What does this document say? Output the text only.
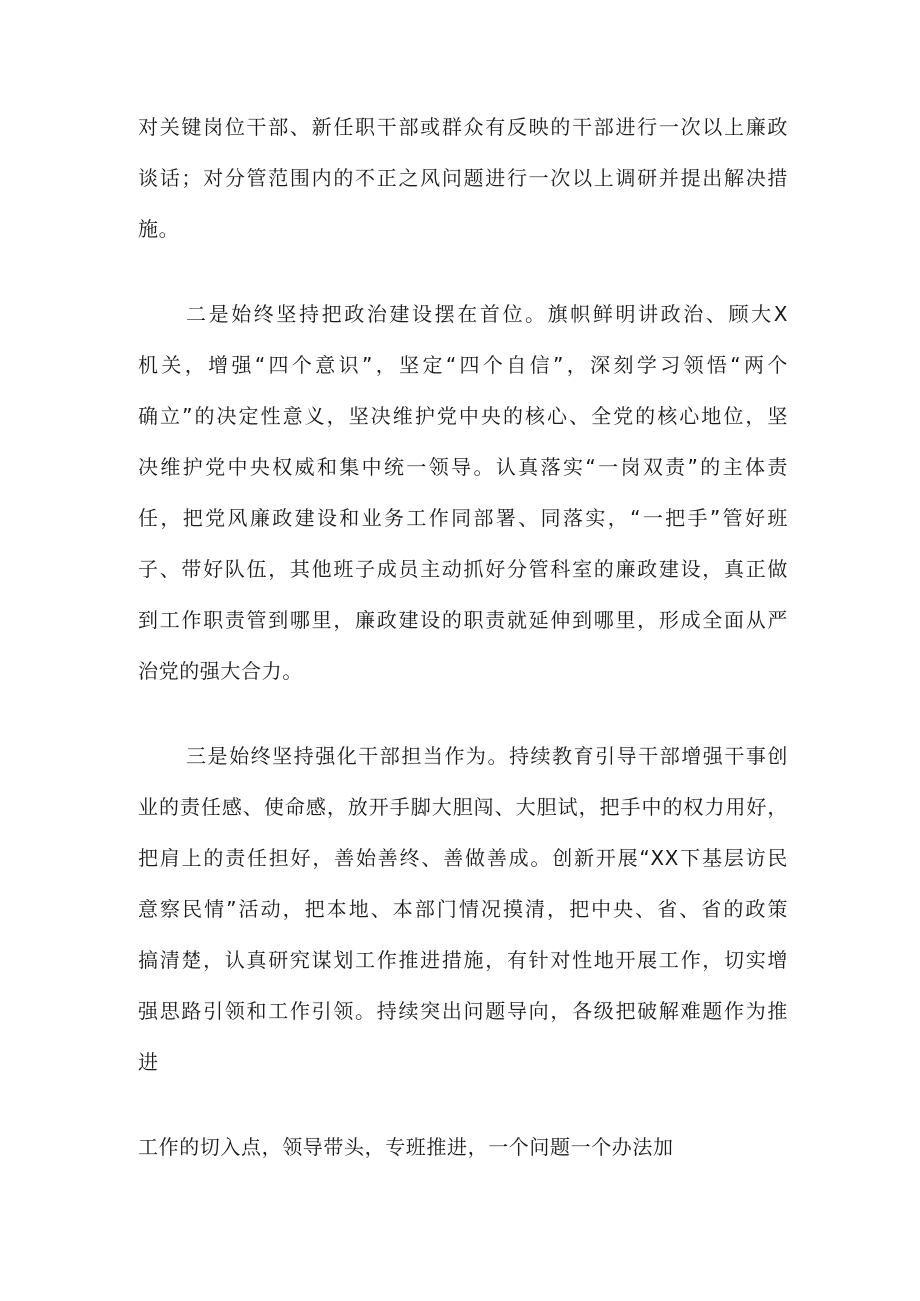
对关键岗位干部、新任职干部或群众有反映的干部进行一次以上廉政
谈话；对分管范围内的不正之风问题进行一次以上调研并提出解决措
施。
二是始终坚持把政治建设摆在首位。旗帜鲜明讲政治、顾大X
机关，增强“四个意识”，坚定“四个自信”，深刻学习领悟“两个
确立”的决定性意义，坚决维护党中央的核心、全党的核心地位，坚
决维护党中央权威和集中统一领导。认真落实“一岗双责”的主体责
任，把党风廉政建设和业务工作同部署、同落实，“一把手”管好班
子、带好队伍，其他班子成员主动抓好分管科室的廉政建设，真正做
到工作职责管到哪里，廉政建设的职责就延伸到哪里，形成全面从严
治党的强大合力。
三是始终坚持强化干部担当作为。持续教育引导干部增强干事创
业的责任感、使命感，放开手脚大胆闯、大胆试，把手中的权力用好，
把肩上的责任担好，善始善终、善做善成。创新开展“XX下基层访民
意察民情”活动，把本地、本部门情况摸清，把中央、省、省的政策
搞清楚，认真研究谋划工作推进措施，有针对性地开展工作，切实增
强思路引领和工作引领。持续突出问题导向，各级把破解难题作为推
进
工作的切入点，领导带头，专班推进，一个问题一个办法加
